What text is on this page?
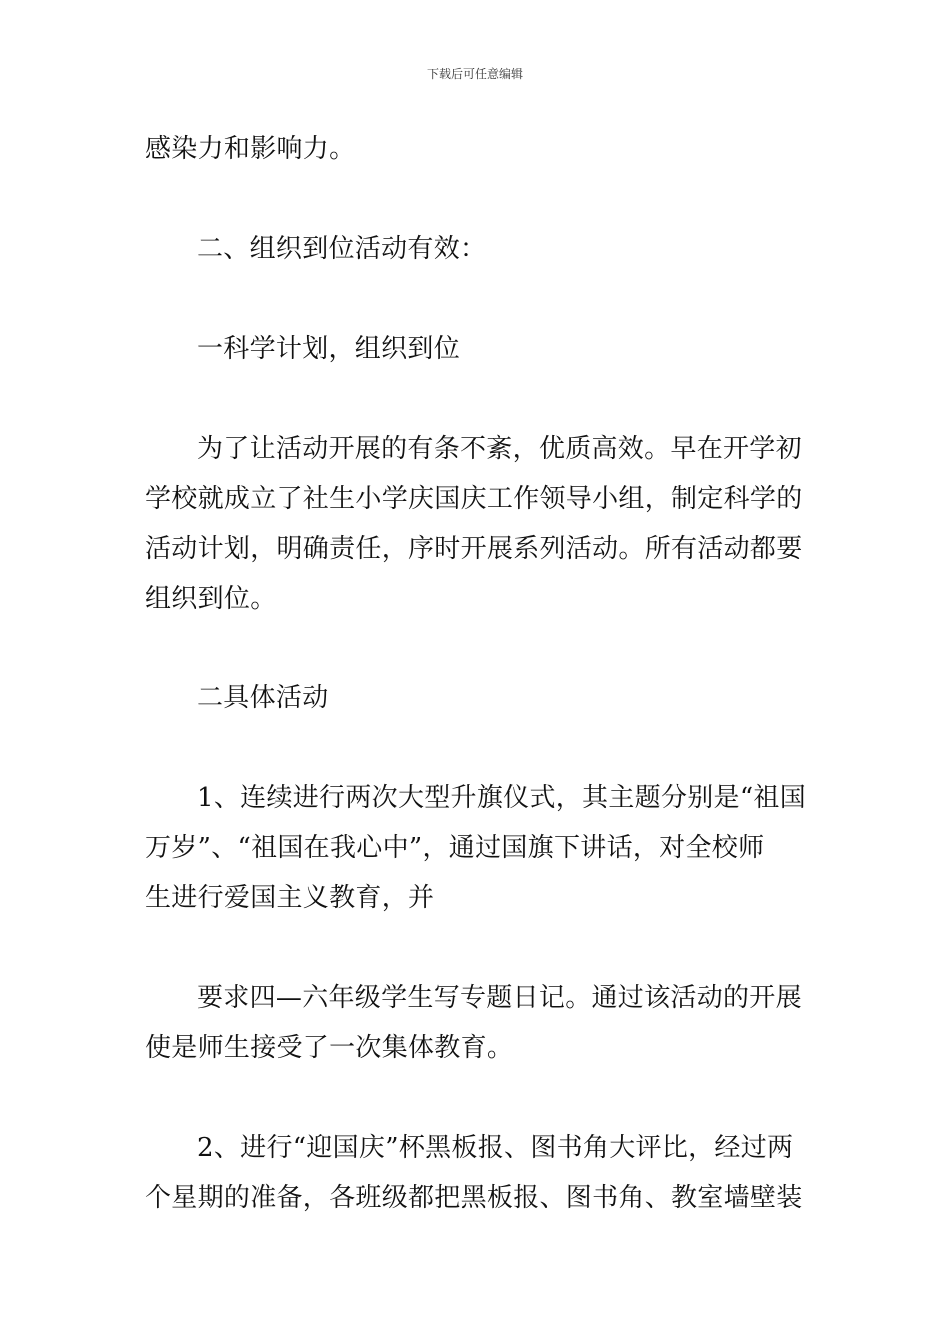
下载后可任意编辑

感染力和影响力。

二、组织到位活动有效：

一科学计划，组织到位

为了让活动开展的有条不紊，优质高效。早在开学初
学校就成立了社生小学庆国庆工作领导小组，制定科学的
活动计划，明确责任，序时开展系列活动。所有活动都要
组织到位。

二具体活动

1、连续进行两次大型升旗仪式，其主题分别是“祖国
万岁”、“祖国在我心中”，通过国旗下讲话，对全校师
生进行爱国主义教育，并

要求四—六年级学生写专题日记。通过该活动的开展
使是师生接受了一次集体教育。

2、进行“迎国庆”杯黑板报、图书角大评比，经过两
个星期的准备，各班级都把黑板报、图书角、教室墙壁装
